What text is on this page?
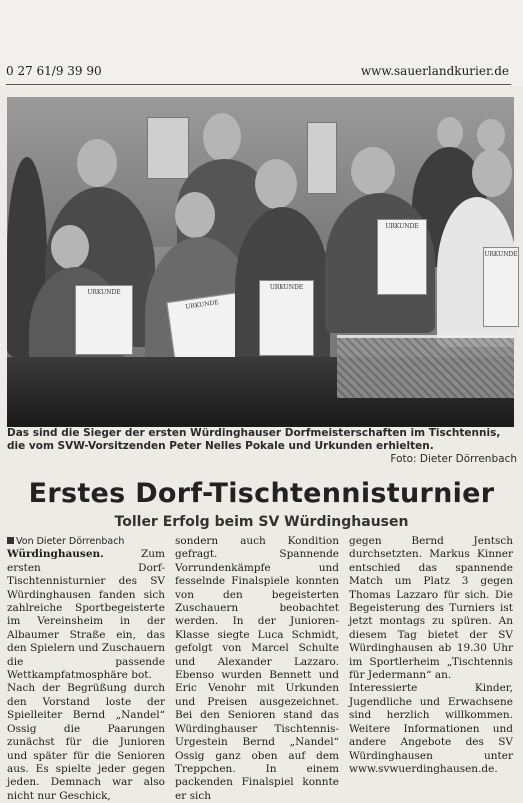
0 27 61/9 39 90	www.sauerlandkurier.de
URKUNDE
URKUNDE
URKUNDE
URKUNDE
URKUNDE
Das sind die Sieger der ersten Würdinghauser Dorfmeisterschaften im Tischtennis, die vom SVW-Vorsitzenden Peter Nelles Pokale und Urkunden erhielten.
Foto: Dieter Dörrenbach
Erstes Dorf-Tischtennisturnier
Toller Erfolg beim SV Würdinghausen

Von Dieter Dörrenbach

Würdinghausen.	Zum ersten Dorf-Tischtennisturnier des SV Würdinghausen fanden sich zahlreiche Sportbegeisterte im Vereinsheim in der Albaumer Straße ein, das den Spielern und Zuschauern die passende Wettkampfatmosphäre bot.

Nach der Begrüßung durch den Vorstand loste der Spielleiter Bernd „Nandel“ Ossig die Paarungen zunächst für die Junioren und später für die Senioren aus. Es spielte jeder gegen jeden. Demnach war also nicht nur Geschick,

sondern auch Kondition gefragt. Spannende Vorrundenkämpfe und fesselnde Finalspiele konnten von den begeisterten Zuschauern beobachtet werden. In der Junioren-Klasse siegte Luca Schmidt, gefolgt von Marcel Schulte und Alexander Lazzaro. Ebenso wurden Bennett und Eric Venohr mit Urkunden und Preisen ausgezeichnet. Bei den Senioren stand das Würdinghauser Tischtennis-Urgestein Bernd „Nandel“ Ossig ganz oben auf dem Treppchen. In einem packenden Finalspiel konnte er sich

gegen Bernd Jentsch durchsetzten. Markus Kinner entschied das spannende Match um Platz 3 gegen Thomas Lazzaro für sich. Die Begeisterung des Turniers ist jetzt montags zu spüren. An diesem Tag bietet der SV Würdinghausen ab 19.30 Uhr im Sportlerheim „Tischtennis für Jedermann“ an.

Interessierte Kinder, Jugendliche und Erwachsene sind herzlich willkommen. Weitere Informationen und andere Angebote des SV Würdinghausen unter www.svwuerdinghausen.de.
